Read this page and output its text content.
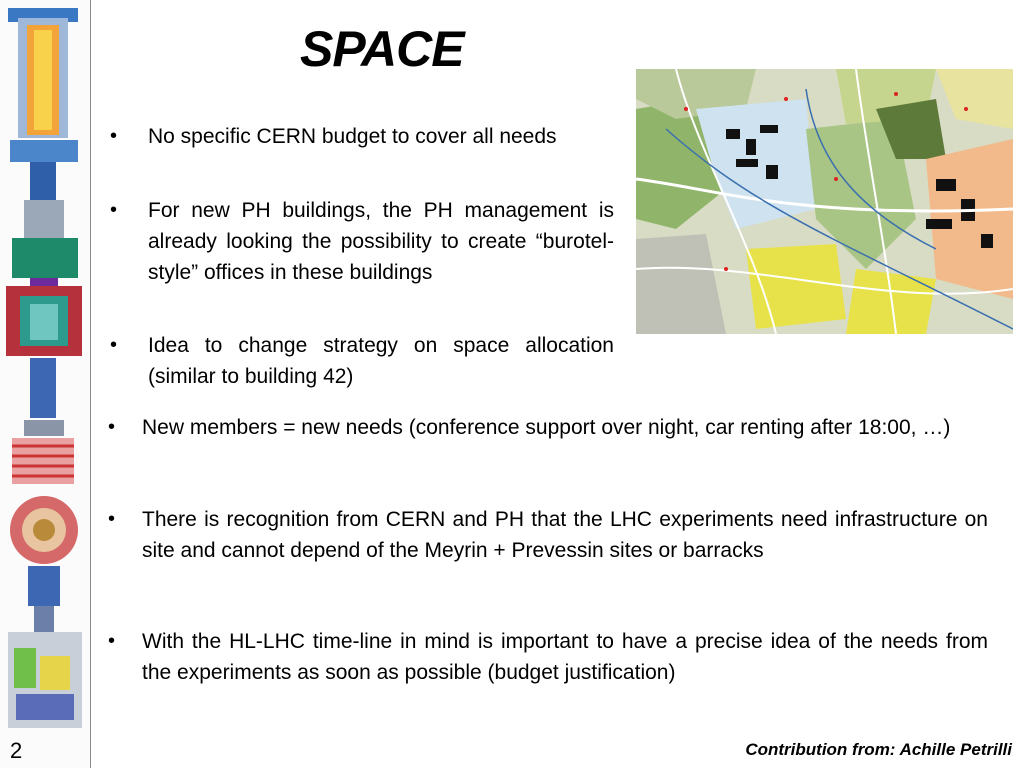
2
SPACE
• No specific CERN budget to cover all needs
• For new PH buildings, the PH management is already looking the possibility to create “burotel-style” offices in these buildings
• Idea to change strategy on space allocation (similar to building 42)
• New members = new needs (conference support over night, car renting after 18:00, …)
• There is recognition from CERN and PH that the LHC experiments need infrastructure on site and cannot depend of the Meyrin + Prevessin sites or barracks
• With the HL-LHC time-line in mind is important to have a precise idea of the needs from the experiments as soon as possible (budget justification)
Contribution from: Achille Petrilli
